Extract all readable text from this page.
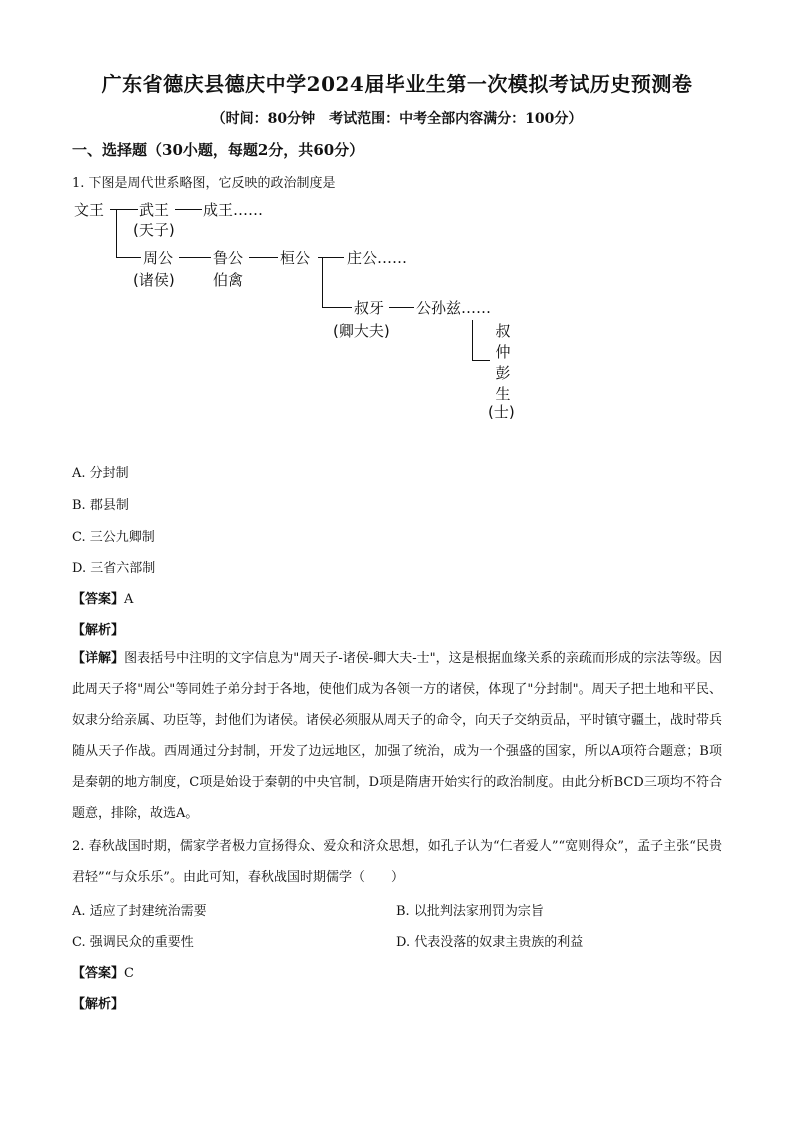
广东省德庆县德庆中学2024届毕业生第一次模拟考试历史预测卷
（时间：80分钟　考试范围：中考全部内容满分：100分）
一、选择题（30小题，每题2分，共60分）
1. 下图是周代世系略图，它反映的政治制度是
文王 武王 成王……
(天子)
周公
(诸侯)
鲁公
伯禽
桓公 庄公……
叔牙 公孙兹……
(卿大夫)	叔
仲
彭
生
(士)
A. 分封制
B. 郡县制
C. 三公九卿制
D. 三省六部制
【答案】A
【解析】
【详解】图表括号中注明的文字信息为"周天子-诸侯-卿大夫-士"，这是根据血缘关系的亲疏而形成的宗法等级。因此周天子将"周公"等同姓子弟分封于各地，使他们成为各领一方的诸侯，体现了"分封制"。周天子把土地和平民、奴隶分给亲属、功臣等，封他们为诸侯。诸侯必须服从周天子的命令，向天子交纳贡品，平时镇守疆土，战时带兵随从天子作战。西周通过分封制，开发了边远地区，加强了统治，成为一个强盛的国家，所以A项符合题意；B项是秦朝的地方制度，C项是始设于秦朝的中央官制，D项是隋唐开始实行的政治制度。由此分析BCD三项均不符合题意，排除，故选A。
2. 春秋战国时期，儒家学者极力宣扬得众、爱众和济众思想，如孔子认为“仁者爱人”“宽则得众”，孟子主张“民贵君轻”“与众乐乐”。由此可知，春秋战国时期儒学（　　）
A. 适应了封建统治需要	B. 以批判法家刑罚为宗旨
C. 强调民众的重要性	D. 代表没落的奴隶主贵族的利益
【答案】C
【解析】
